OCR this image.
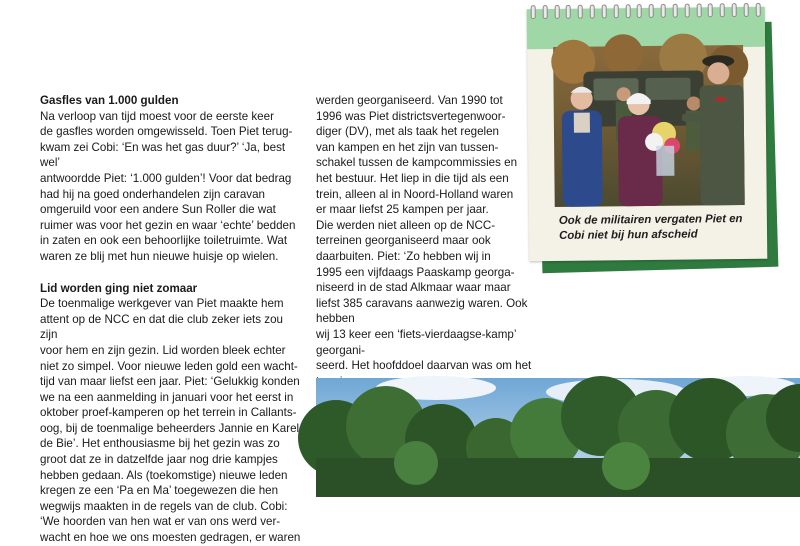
Gasfles van 1.000 gulden

Na verloop van tijd moest voor de eerste keer

de gasfles worden omgewisseld. Toen Piet terug-

kwam zei Cobi: ‘En was het gas duur?’ ‘Ja, best wel’

antwoordde Piet: ‘1.000 gulden’! Voor dat bedrag

had hij na goed onderhandelen zijn caravan

omgeruild voor een andere Sun Roller die wat

ruimer was voor het gezin en waar ‘echte’ bedden

in zaten en ook een behoorlijke toiletruimte. Wat

waren ze blij met hun nieuwe huisje op wielen.

Lid worden ging niet zomaar

De toenmalige werkgever van Piet maakte hem

attent op de NCC en dat die club zeker iets zou zijn

voor hem en zijn gezin. Lid worden bleek echter

niet zo simpel. Voor nieuwe leden gold een wacht-

tijd van maar liefst een jaar. Piet: ‘Gelukkig konden

we na een aanmelding in januari voor het eerst in

oktober proef-kamperen op het terrein in Callants-

oog, bij de toenmalige beheerders Jannie en Karel

de Bie’. Het enthousiasme bij het gezin was zo

groot dat ze in datzelfde jaar nog drie kampjes

hebben gedaan. Als (toekomstige) nieuwe leden

kregen ze een ‘Pa en Ma’ toegewezen die hen

wegwijs maakten in de regels van de club. Cobi:

‘We hoorden van hen wat er van ons werd ver-

wacht en hoe we ons moesten gedragen, er waren

werden georganiseerd. Van 1990 tot

1996 was Piet districtsvertegenwoor-

diger (DV), met als taak het regelen

van kampen en het zijn van tussen-

schakel tussen de kampcommissies en

het bestuur. Het liep in die tijd als een

trein, alleen al in Noord-Holland waren

er maar liefst 25 kampen per jaar.

Die werden niet alleen op de NCC-

terreinen georganiseerd maar ook

daarbuiten. Piet: ‘Zo hebben wij in

1995 een vijfdaags Paaskamp georga-

niseerd in de stad Alkmaar waar maar

liefst 385 caravans aanwezig waren. Ook hebben

wij 13 keer een ‘fiets-vierdaagse-kamp’ georgani-

seerd. Het hoofddoel daarvan was om het

Ook de militairen vergaten Piet en
Cobi niet bij hun afscheid
